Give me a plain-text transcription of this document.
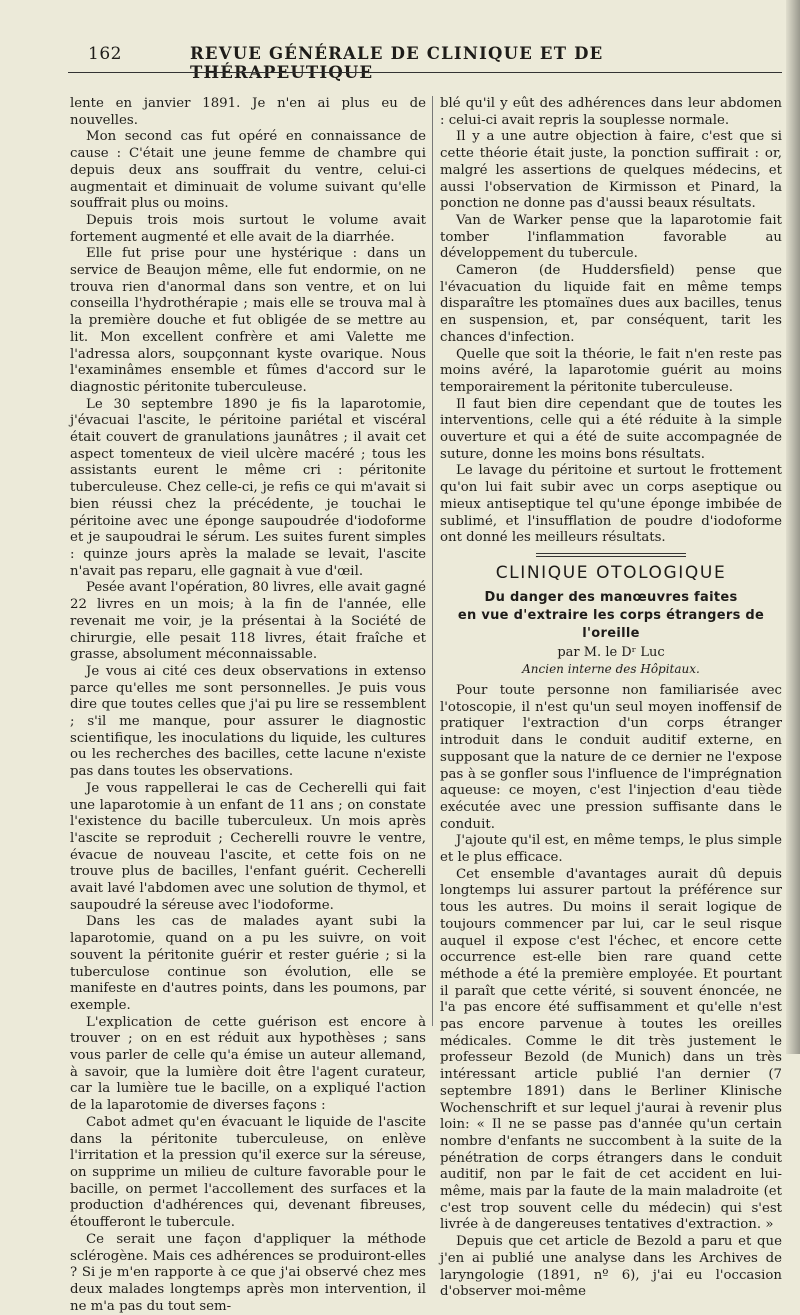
162	REVUE GÉNÉRALE DE CLINIQUE ET DE THÉRAPEUTIQUE

lente en janvier 1891. Je n'en ai plus eu de nouvelles.

Mon second cas fut opéré en connaissance de cause : C'était une jeune femme de chambre qui depuis deux ans souffrait du ventre, celui-ci augmentait et diminuait de volume suivant qu'elle souffrait plus ou moins.

Depuis trois mois surtout le volume avait fortement augmenté et elle avait de la diarrhée.

Elle fut prise pour une hystérique : dans un service de Beaujon même, elle fut endormie, on ne trouva rien d'anormal dans son ventre, et on lui conseilla l'hydrothérapie ; mais elle se trouva mal à la première douche et fut obligée de se mettre au lit. Mon excellent confrère et ami Valette me l'adressa alors, soupçonnant kyste ovarique. Nous l'examinâmes ensemble et fûmes d'accord sur le diagnostic péritonite tuberculeuse.

Le 30 septembre 1890 je fis la laparotomie, j'évacuai l'ascite, le péritoine pariétal et viscéral était couvert de granulations jaunâtres ; il avait cet aspect tomenteux de vieil ulcère macéré ; tous les assistants eurent le même cri : péritonite tuberculeuse. Chez celle-ci, je refis ce qui m'avait si bien réussi chez la précédente, je touchai le péritoine avec une éponge saupoudrée d'iodoforme et je saupoudrai le sérum. Les suites furent simples : quinze jours après la malade se levait, l'ascite n'avait pas reparu, elle gagnait à vue d'œil.

Pesée avant l'opération, 80 livres, elle avait gagné 22 livres en un mois; à la fin de l'année, elle revenait me voir, je la présentai à la Société de chirurgie, elle pesait 118 livres, était fraîche et grasse, absolument méconnaissable.

Je vous ai cité ces deux observations in extenso parce qu'elles me sont personnelles. Je puis vous dire que toutes celles que j'ai pu lire se ressemblent ; s'il me manque, pour assurer le diagnostic scientifique, les inoculations du liquide, les cultures ou les recherches des bacilles, cette lacune n'existe pas dans toutes les observations.

Je vous rappellerai le cas de Cecherelli qui fait une laparotomie à un enfant de 11 ans ; on constate l'existence du bacille tuberculeux. Un mois après l'ascite se reproduit ; Cecherelli rouvre le ventre, évacue de nouveau l'ascite, et cette fois on ne trouve plus de bacilles, l'enfant guérit. Cecherelli avait lavé l'abdomen avec une solution de thymol, et saupoudré la séreuse avec l'iodoforme.

Dans les cas de malades ayant subi la laparotomie, quand on a pu les suivre, on voit souvent la péritonite guérir et rester guérie ; si la tuberculose continue son évolution, elle se manifeste en d'autres points, dans les poumons, par exemple.

L'explication de cette guérison est encore à trouver ; on en est réduit aux hypothèses ; sans vous parler de celle qu'a émise un auteur allemand, à savoir, que la lumière doit être l'agent curateur, car la lumière tue le bacille, on a expliqué l'action de la laparotomie de diverses façons :

Cabot admet qu'en évacuant le liquide de l'ascite dans la péritonite tuberculeuse, on enlève l'irritation et la pression qu'il exerce sur la séreuse, on supprime un milieu de culture favorable pour le bacille, on permet l'accollement des surfaces et la production d'adhérences qui, devenant fibreuses, étoufferont le tubercule.

Ce serait une façon d'appliquer la méthode sclérogène. Mais ces adhérences se produiront-elles ? Si je m'en rapporte à ce que j'ai observé chez mes deux malades longtemps après mon intervention, il ne m'a pas du tout sem-

blé qu'il y eût des adhérences dans leur abdomen : celui-ci avait repris la souplesse normale.

Il y a une autre objection à faire, c'est que si cette théorie était juste, la ponction suffirait : or, malgré les assertions de quelques médecins, et aussi l'observation de Kirmisson et Pinard, la ponction ne donne pas d'aussi beaux résultats.

Van de Warker pense que la laparotomie fait tomber l'inflammation favorable au développement du tubercule.

Cameron (de Huddersfield) pense que l'évacuation du liquide fait en même temps disparaître les ptomaïnes dues aux bacilles, tenus en suspension, et, par conséquent, tarit les chances d'infection.

Quelle que soit la théorie, le fait n'en reste pas moins avéré, la laparotomie guérit au moins temporairement la péritonite tuberculeuse.

Il faut bien dire cependant que de toutes les interventions, celle qui a été réduite à la simple ouverture et qui a été de suite accompagnée de suture, donne les moins bons résultats.

Le lavage du péritoine et surtout le frottement qu'on lui fait subir avec un corps aseptique ou mieux antiseptique tel qu'une éponge imbibée de sublimé, et l'insufflation de poudre d'iodoforme ont donné les meilleurs résultats.

CLINIQUE OTOLOGIQUE
Du danger des manœuvres faites
en vue d'extraire les corps étrangers de l'oreille
par M. le Dʳ Luc
Ancien interne des Hôpitaux.

Pour toute personne non familiarisée avec l'otoscopie, il n'est qu'un seul moyen inoffensif de pratiquer l'extraction d'un corps étranger introduit dans le conduit auditif externe, en supposant que la nature de ce dernier ne l'expose pas à se gonfler sous l'influence de l'imprégnation aqueuse: ce moyen, c'est l'injection d'eau tiède exécutée avec une pression suffisante dans le conduit.

J'ajoute qu'il est, en même temps, le plus simple et le plus efficace.

Cet ensemble d'avantages aurait dû depuis longtemps lui assurer partout la préférence sur tous les autres. Du moins il serait logique de toujours commencer par lui, car le seul risque auquel il expose c'est l'échec, et encore cette occurrence est-elle bien rare quand cette méthode a été la première employée. Et pourtant il paraît que cette vérité, si souvent énoncée, ne l'a pas encore été suffisamment et qu'elle n'est pas encore parvenue à toutes les oreilles médicales. Comme le dit très justement le professeur Bezold (de Munich) dans un très intéressant article publié l'an dernier (7 septembre 1891) dans le Berliner Klinische Wochenschrift et sur lequel j'aurai à revenir plus loin: « Il ne se passe pas d'année qu'un certain nombre d'enfants ne succombent à la suite de la pénétration de corps étrangers dans le conduit auditif, non par le fait de cet accident en lui-même, mais par la faute de la main maladroite (et c'est trop souvent celle du médecin) qui s'est livrée à de dangereuses tentatives d'extraction. »

Depuis que cet article de Bezold a paru et que j'en ai publié une analyse dans les Archives de laryngologie (1891, nº 6), j'ai eu l'occasion d'observer moi-même
